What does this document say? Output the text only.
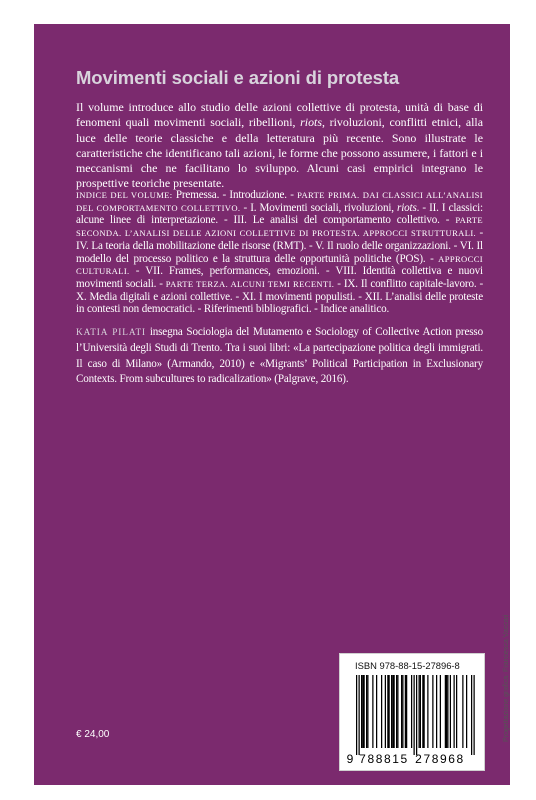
Movimenti sociali e azioni di protesta

Il volume introduce allo studio delle azioni collettive di protesta, unità di base di fenomeni quali movimenti sociali, ribellioni, riots, rivoluzioni, conflitti etnici, alla luce delle teorie classiche e della letteratura più recente. Sono illustrate le caratteristiche che identificano tali azioni, le forme che possono assumere, i fattori e i meccanismi che ne facilitano lo sviluppo. Alcuni casi empirici integrano le prospettive teoriche presentate.

INDICE DEL VOLUME: Premessa. - Introduzione. - PARTE PRIMA. DAI CLASSICI ALL’ANALISI DEL COMPORTAMENTO COLLETTIVO. - I. Movimenti sociali, rivoluzioni, riots. - II. I classici: alcune linee di interpretazione. - III. Le analisi del comportamento collettivo. - PARTE SECONDA. L’ANALISI DELLE AZIONI COLLETTIVE DI PROTESTA. APPROCCI STRUTTURALI. - IV. La teoria della mobilitazione delle risorse (RMT). - V. Il ruolo delle organizzazioni. - VI. Il modello del processo politico e la struttura delle opportunità politiche (POS). - APPROCCI CULTURALI. - VII. Frames, performances, emozioni. - VIII. Identità collettiva e nuovi movimenti sociali. - PARTE TERZA. ALCUNI TEMI RECENTI. - IX. Il conflitto capitale-lavoro. - X. Media digitali e azioni collettive. - XI. I movimenti populisti. - XII. L’analisi delle proteste in contesti non democratici. - Riferimenti bibliografici. - Indice analitico.

KATIA PILATI insegna Sociologia del Mutamento e Sociology of Collective Action presso l’Università degli Studi di Trento. Tra i suoi libri: «La partecipazione politica degli immigrati. Il caso di Milano» (Armando, 2010) e «Migrants’ Political Participation in Exclusionary Contexts. From subcultures to radicalization» (Palgrave, 2016).

€ 24,00
ISBN 978-88-15-27896-8
9 788815 278968
Progettazione grafica: Francesca Vaccari
